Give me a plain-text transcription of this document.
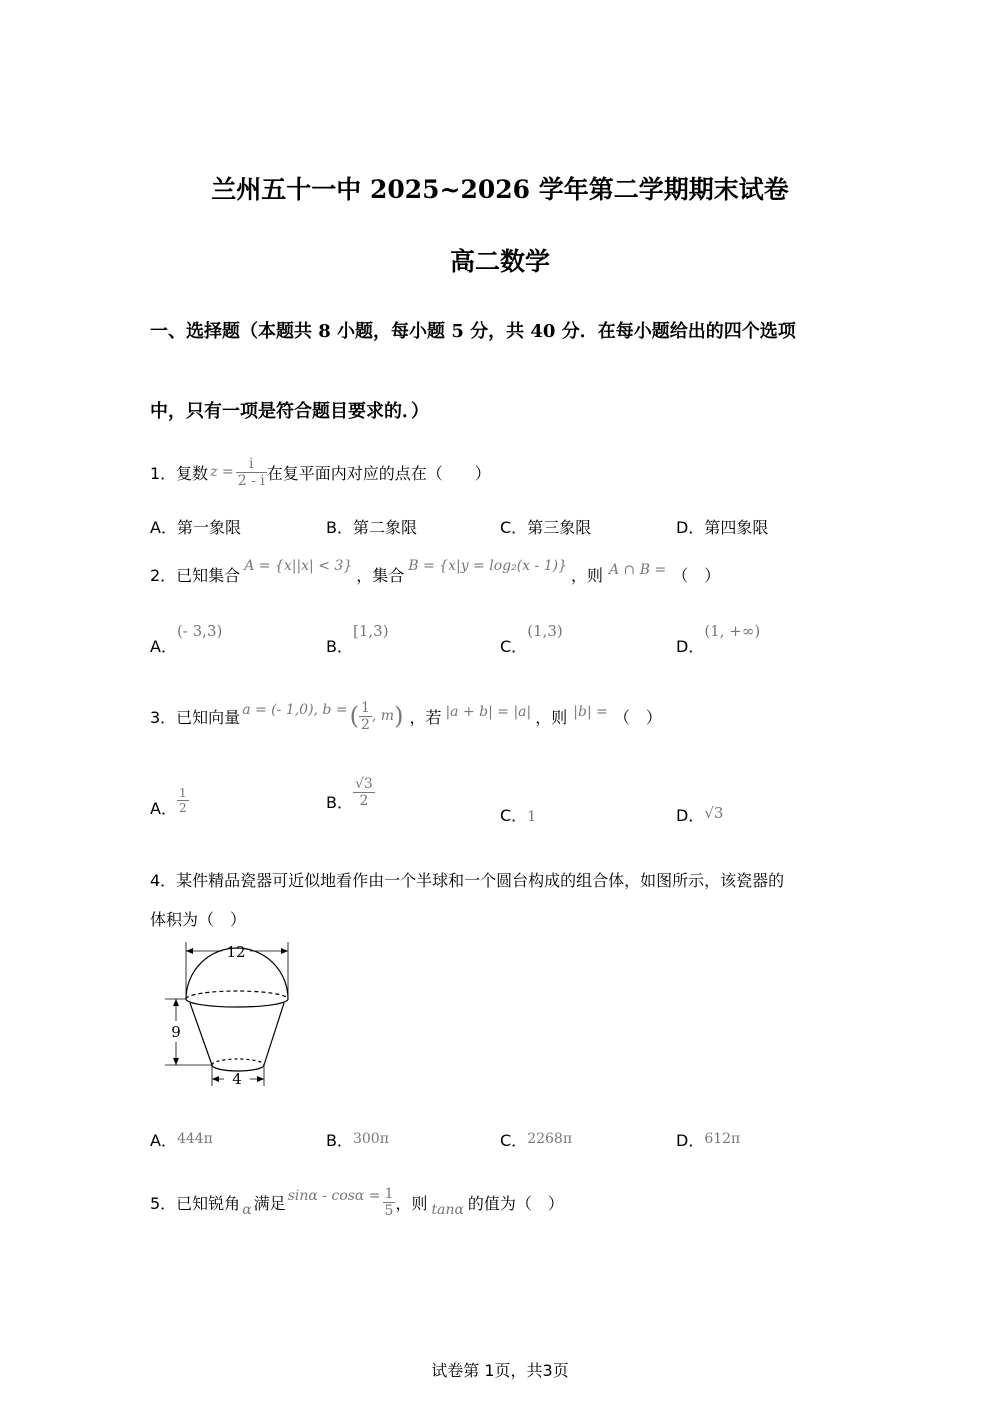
兰州五十一中 2025~2026 学年第二学期期末试卷
高二数学
一、选择题（本题共 8 小题，每小题 5 分，共 40 分．在每小题给出的四个选项
中，只有一项是符合题目要求的．）
1．复数 $z = \frac{i}{2 - i}$ 在复平面内对应的点在（　　）
A．第一象限	B．第二象限	C．第三象限	D．第四象限
2．已知集合 A = {x||x| < 3} ，集合 B = {x|y = log₂(x - 1)} ，则 A ∩ B = （　）
A．(- 3,3)
B．[1,3)
C．(1,3)
D．(1, +∞)
3．已知向量 a = (- 1,0), b = ( $\frac{1}{2}$ , m ) ，若 |a + b| = |a| ，则 |b| = （　）
A． $\frac{1}{2}$	B． $\frac{√3}{2}$
C．1	D．√3
4．某件精品瓷器可近似地看作由一个半球和一个圆台构成的组合体，如图所示，该瓷器的
体积为（　）
12
9
4
A．444π	B．300π	C．2268π	D．612π
5．已知锐角 α 满足 $\sin\alpha - \cos\alpha = \frac{1}{5}$ ，则 tanα 的值为（　）
试卷第 1页，共3页
